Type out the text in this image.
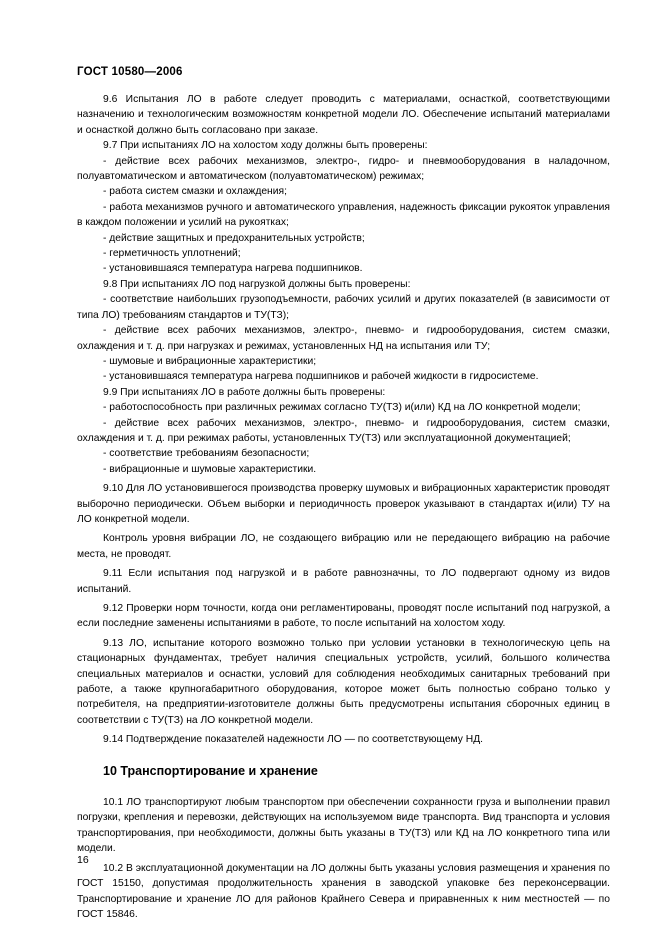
ГОСТ 10580—2006

9.6 Испытания ЛО в работе следует проводить с материалами, оснасткой, соответствующими назначению и технологическим возможностям конкретной модели ЛО. Обеспечение испытаний материалами и оснасткой должно быть согласовано при заказе.

9.7 При испытаниях ЛО на холостом ходу должны быть проверены:

- действие всех рабочих механизмов, электро-, гидро- и пневмооборудования в наладочном, полуавтоматическом и автоматическом (полуавтоматическом) режимах;

- работа систем смазки и охлаждения;

- работа механизмов ручного и автоматического управления, надежность фиксации рукояток управления в каждом положении и усилий на рукоятках;

- действие защитных и предохранительных устройств;

- герметичность уплотнений;

- установившаяся температура нагрева подшипников.

9.8 При испытаниях ЛО под нагрузкой должны быть проверены:

- соответствие наибольших грузоподъемности, рабочих усилий и других показателей (в зависимости от типа ЛО) требованиям стандартов и ТУ(ТЗ);

- действие всех рабочих механизмов, электро-, пневмо- и гидрооборудования, систем смазки, охлаждения и т. д. при нагрузках и режимах, установленных НД на испытания или ТУ;

- шумовые и вибрационные характеристики;

- установившаяся температура нагрева подшипников и рабочей жидкости в гидросистеме.

9.9 При испытаниях ЛО в работе должны быть проверены:

- работоспособность при различных режимах согласно ТУ(ТЗ) и(или) КД на ЛО конкретной модели;

- действие всех рабочих механизмов, электро-, пневмо- и гидрооборудования, систем смазки, охлаждения и т. д. при режимах работы, установленных ТУ(ТЗ) или эксплуатационной документацией;

- соответствие требованиям безопасности;

- вибрационные и шумовые характеристики.

9.10 Для ЛО установившегося производства проверку шумовых и вибрационных характеристик проводят выборочно периодически. Объем выборки и периодичность проверок указывают в стандартах и(или) ТУ на ЛО конкретной модели.

Контроль уровня вибрации ЛО, не создающего вибрацию или не передающего вибрацию на рабочие места, не проводят.

9.11 Если испытания под нагрузкой и в работе равнозначны, то ЛО подвергают одному из видов испытаний.

9.12 Проверки норм точности, когда они регламентированы, проводят после испытаний под нагрузкой, а если последние заменены испытаниями в работе, то после испытаний на холостом ходу.

9.13 ЛО, испытание которого возможно только при условии установки в технологическую цепь на стационарных фундаментах, требует наличия специальных устройств, усилий, большого количества специальных материалов и оснастки, условий для соблюдения необходимых санитарных требований при работе, а также крупногабаритного оборудования, которое может быть полностью собрано только у потребителя, на предприятии-изготовителе должны быть предусмотрены испытания сборочных единиц в соответствии с ТУ(ТЗ) на ЛО конкретной модели.

9.14 Подтверждение показателей надежности ЛО — по соответствующему НД.

10 Транспортирование и хранение

10.1 ЛО транспортируют любым транспортом при обеспечении сохранности груза и выполнении правил погрузки, крепления и перевозки, действующих на используемом виде транспорта. Вид транспорта и условия транспортирования, при необходимости, должны быть указаны в ТУ(ТЗ) или КД на ЛО конкретного типа или модели.

10.2 В эксплуатационной документации на ЛО должны быть указаны условия размещения и хранения по ГОСТ 15150, допустимая продолжительность хранения в заводской упаковке без переконсервации. Транспортирование и хранение ЛО для районов Крайнего Севера и приравненных к ним местностей — по ГОСТ 15846.

16
